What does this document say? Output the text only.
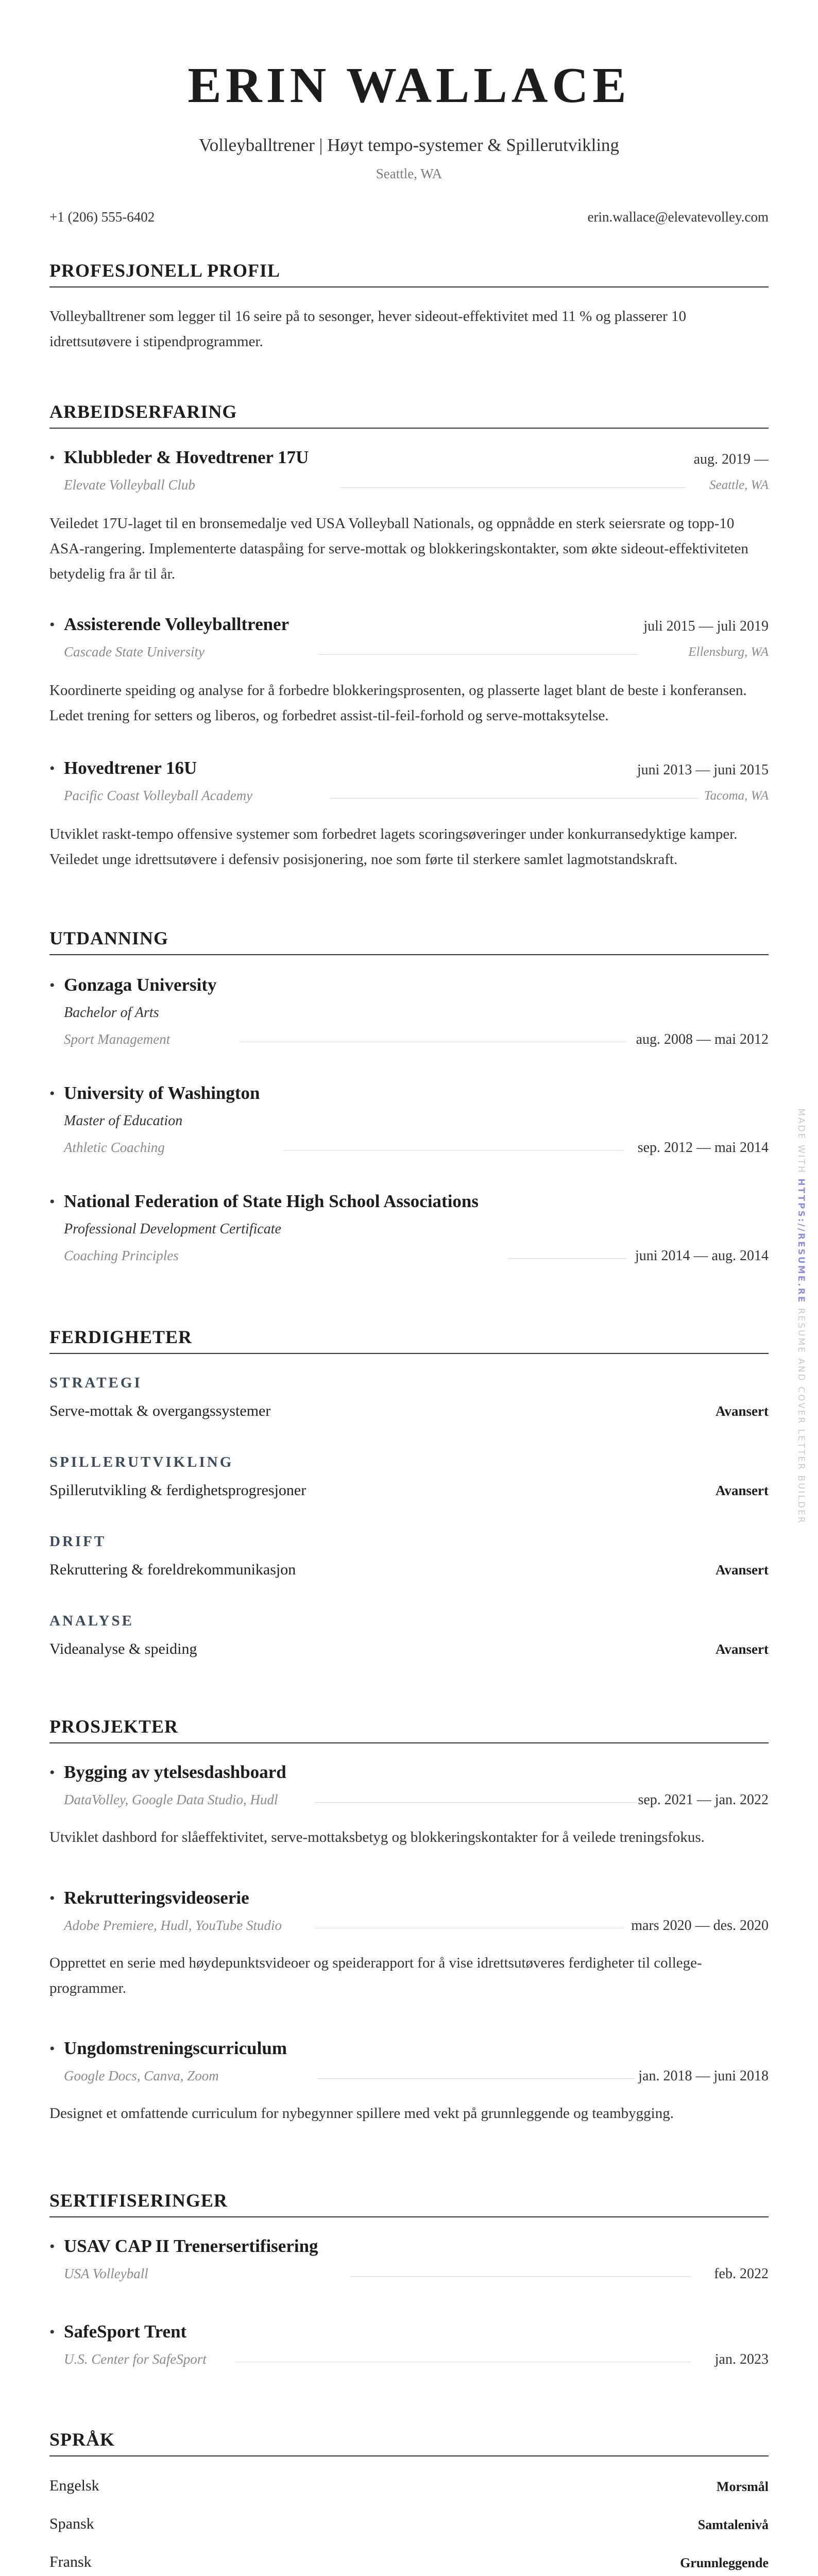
ERIN WALLACE
Volleyballtrener | Høyt tempo-systemer & Spillerutvikling
Seattle, WA
+1 (206) 555-6402	erin.wallace@elevatevolley.com
PROFESJONELL PROFIL
Volleyballtrener som legger til 16 seire på to sesonger, hever sideout-effektivitet med 11 % og plasserer 10 idrettsutøvere i stipendprogrammer.
ARBEIDSERFARING
• Klubbleder & Hovedtrener 17U	aug. 2019 —
Elevate Volleyball Club	Seattle, WA
Veiledet 17U-laget til en bronsemedalje ved USA Volleyball Nationals, og oppnådde en sterk seiersrate og topp-10 ASA-rangering. Implementerte dataspåing for serve-mottak og blokkeringskontakter, som økte sideout-effektiviteten betydelig fra år til år.
• Assisterende Volleyballtrener	juli 2015 — juli 2019
Cascade State University	Ellensburg, WA
Koordinerte speiding og analyse for å forbedre blokkeringsprosenten, og plasserte laget blant de beste i konferansen. Ledet trening for setters og liberos, og forbedret assist-til-feil-forhold og serve-mottaksytelse.
• Hovedtrener 16U	juni 2013 — juni 2015
Pacific Coast Volleyball Academy	Tacoma, WA
Utviklet raskt-tempo offensive systemer som forbedret lagets scoringsøveringer under konkurransedyktige kamper. Veiledet unge idrettsutøvere i defensiv posisjonering, noe som førte til sterkere samlet lagmotstandskraft.
UTDANNING
• Gonzaga University
Bachelor of Arts
Sport Management	aug. 2008 — mai 2012
• University of Washington
Master of Education
Athletic Coaching	sep. 2012 — mai 2014
• National Federation of State High School Associations
Professional Development Certificate
Coaching Principles	juni 2014 — aug. 2014
FERDIGHETER
STRATEGI
Serve-mottak & overgangssystemer	Avansert
SPILLERUTVIKLING
Spillerutvikling & ferdighetsprogresjoner	Avansert
DRIFT
Rekruttering & foreldrekommunikasjon	Avansert
ANALYSE
Videanalyse & speiding	Avansert
PROSJEKTER
• Bygging av ytelsesdashboard
DataVolley, Google Data Studio, Hudl	sep. 2021 — jan. 2022
Utviklet dashbord for slåeffektivitet, serve-mottaksbetyg og blokkeringskontakter for å veilede treningsfokus.
• Rekrutteringsvideoserie
Adobe Premiere, Hudl, YouTube Studio	mars 2020 — des. 2020
Opprettet en serie med høydepunktsvideoer og speiderapport for å vise idrettsutøveres ferdigheter til college-programmer.
• Ungdomstreningscurriculum
Google Docs, Canva, Zoom	jan. 2018 — juni 2018
Designet et omfattende curriculum for nybegynner spillere med vekt på grunnleggende og teambygging.
SERTIFISERINGER
• USAV CAP II Trenersertifisering
USA Volleyball	feb. 2022
• SafeSport Trent
U.S. Center for SafeSport	jan. 2023
SPRÅK
Engelsk	Morsmål
Spansk	Samtalenivå
Fransk	Grunnleggende
MADE WITH HTTPS://RESUME.RE RESUME AND COVER LETTER BUILDER
